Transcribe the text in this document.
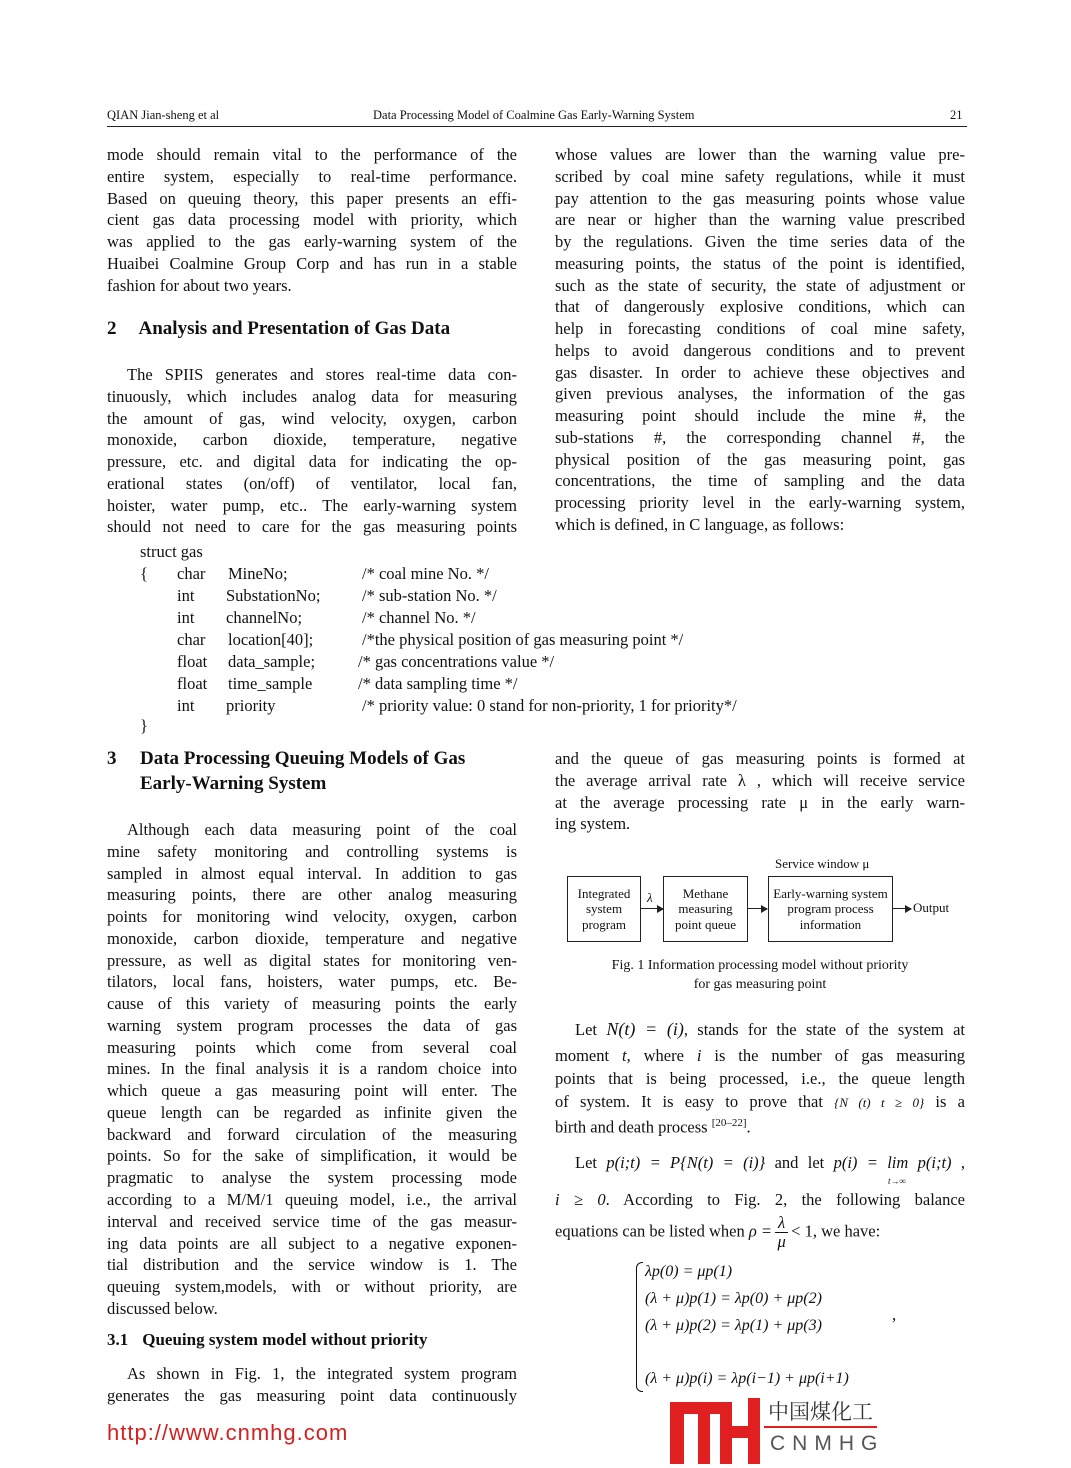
QIAN Jian-sheng et al	Data Processing Model of Coalmine Gas Early-Warning System	21
mode should remain vital to the performance of the
entire system, especially to real-time performance.
Based on queuing theory, this paper presents an effi-
cient gas data processing model with priority, which
was applied to the gas early-warning system of the
Huaibei Coalmine Group Corp and has run in a stable
fashion for about two years.
2 Analysis and Presentation of Gas Data
The SPIIS generates and stores real-time data con-
tinuously, which includes analog data for measuring
the amount of gas, wind velocity, oxygen, carbon
monoxide, carbon dioxide, temperature, negative
pressure, etc. and digital data for indicating the op-
erational states (on/off) of ventilator, local fan,
hoister, water pump, etc.. The early-warning system
should not need to care for the gas measuring points
whose values are lower than the warning value pre-
scribed by coal mine safety regulations, while it must
pay attention to the gas measuring points whose value
are near or higher than the warning value prescribed
by the regulations. Given the time series data of the
measuring points, the status of the point is identified,
such as the state of security, the state of adjustment or
that of dangerously explosive conditions, which can
help in forecasting conditions of coal mine safety,
helps to avoid dangerous conditions and to prevent
gas disaster. In order to achieve these objectives and
given previous analyses, the information of the gas
measuring point should include the mine #, the
sub-stations #, the corresponding channel #, the
physical position of the gas measuring point, gas
concentrations, the time of sampling and the data
processing priority level in the early-warning system,
which is defined, in C language, as follows:
struct gas
{ char MineNo;	/* coal mine No. */
int SubstationNo;	/* sub-station No. */
int channelNo;	/* channel No. */
char location[40];	/*the physical position of gas measuring point */
float data_sample;	/* gas concentrations value */
float time_sample	/* data sampling time */
int priority	/* priority value: 0 stand for non-priority, 1 for priority*/
}
3 Data Processing Queuing Models of Gas
Early-Warning System
Although each data measuring point of the coal
mine safety monitoring and controlling systems is
sampled in almost equal interval. In addition to gas
measuring points, there are other analog measuring
points for monitoring wind velocity, oxygen, carbon
monoxide, carbon dioxide, temperature and negative
pressure, as well as digital states for monitoring ven-
tilators, local fans, hoisters, water pumps, etc. Be-
cause of this variety of measuring points the early
warning system program processes the data of gas
measuring points which come from several coal
mines. In the final analysis it is a random choice into
which queue a gas measuring point will enter. The
queue length can be regarded as infinite given the
backward and forward circulation of the measuring
points. So for the sake of simplification, it would be
pragmatic to analyse the system processing mode
according to a M/M/1 queuing model, i.e., the arrival
interval and received service time of the gas measur-
ing data points are all subject to a negative exponen-
tial distribution and the service window is 1. The
queuing system,models, with or without priority, are
discussed below.
3.1 Queuing system model without priority
As shown in Fig. 1, the integrated system program
generates the gas measuring point data continuously
and the queue of gas measuring points is formed at
the average arrival rate λ , which will receive service
at the average processing rate μ in the early warn-
ing system.
Service window μ
Integrated system program
λ	Methane measuring point queue
Early-warning system program process information
Output
Fig. 1 Information processing model without priority
for gas measuring point
Let N(t) = (i), stands for the state of the system at
moment t, where i is the number of gas measuring
points that is being processed, i.e., the queue length
of system. It is easy to prove that {N (t) t ≥ 0} is a
birth and death process [20–22].
Let p(i;t) = P{N(t) = (i)} and let p(i) = lim p(i;t) ,
t→∞
i ≥ 0. According to Fig. 2, the following balance
equations can be listed when $\rho = \frac{\lambda}{\mu} < 1$, we have:
λp(0) = μp(1)
(λ + μ)p(1) = λp(0) + μp(2)
(λ + μ)p(2) = λp(1) + μp(3)
(λ + μ)p(i) = λp(i−1) + μp(i+1)
,
http://www.cnmhg.com
中国煤化工
CNMHG
